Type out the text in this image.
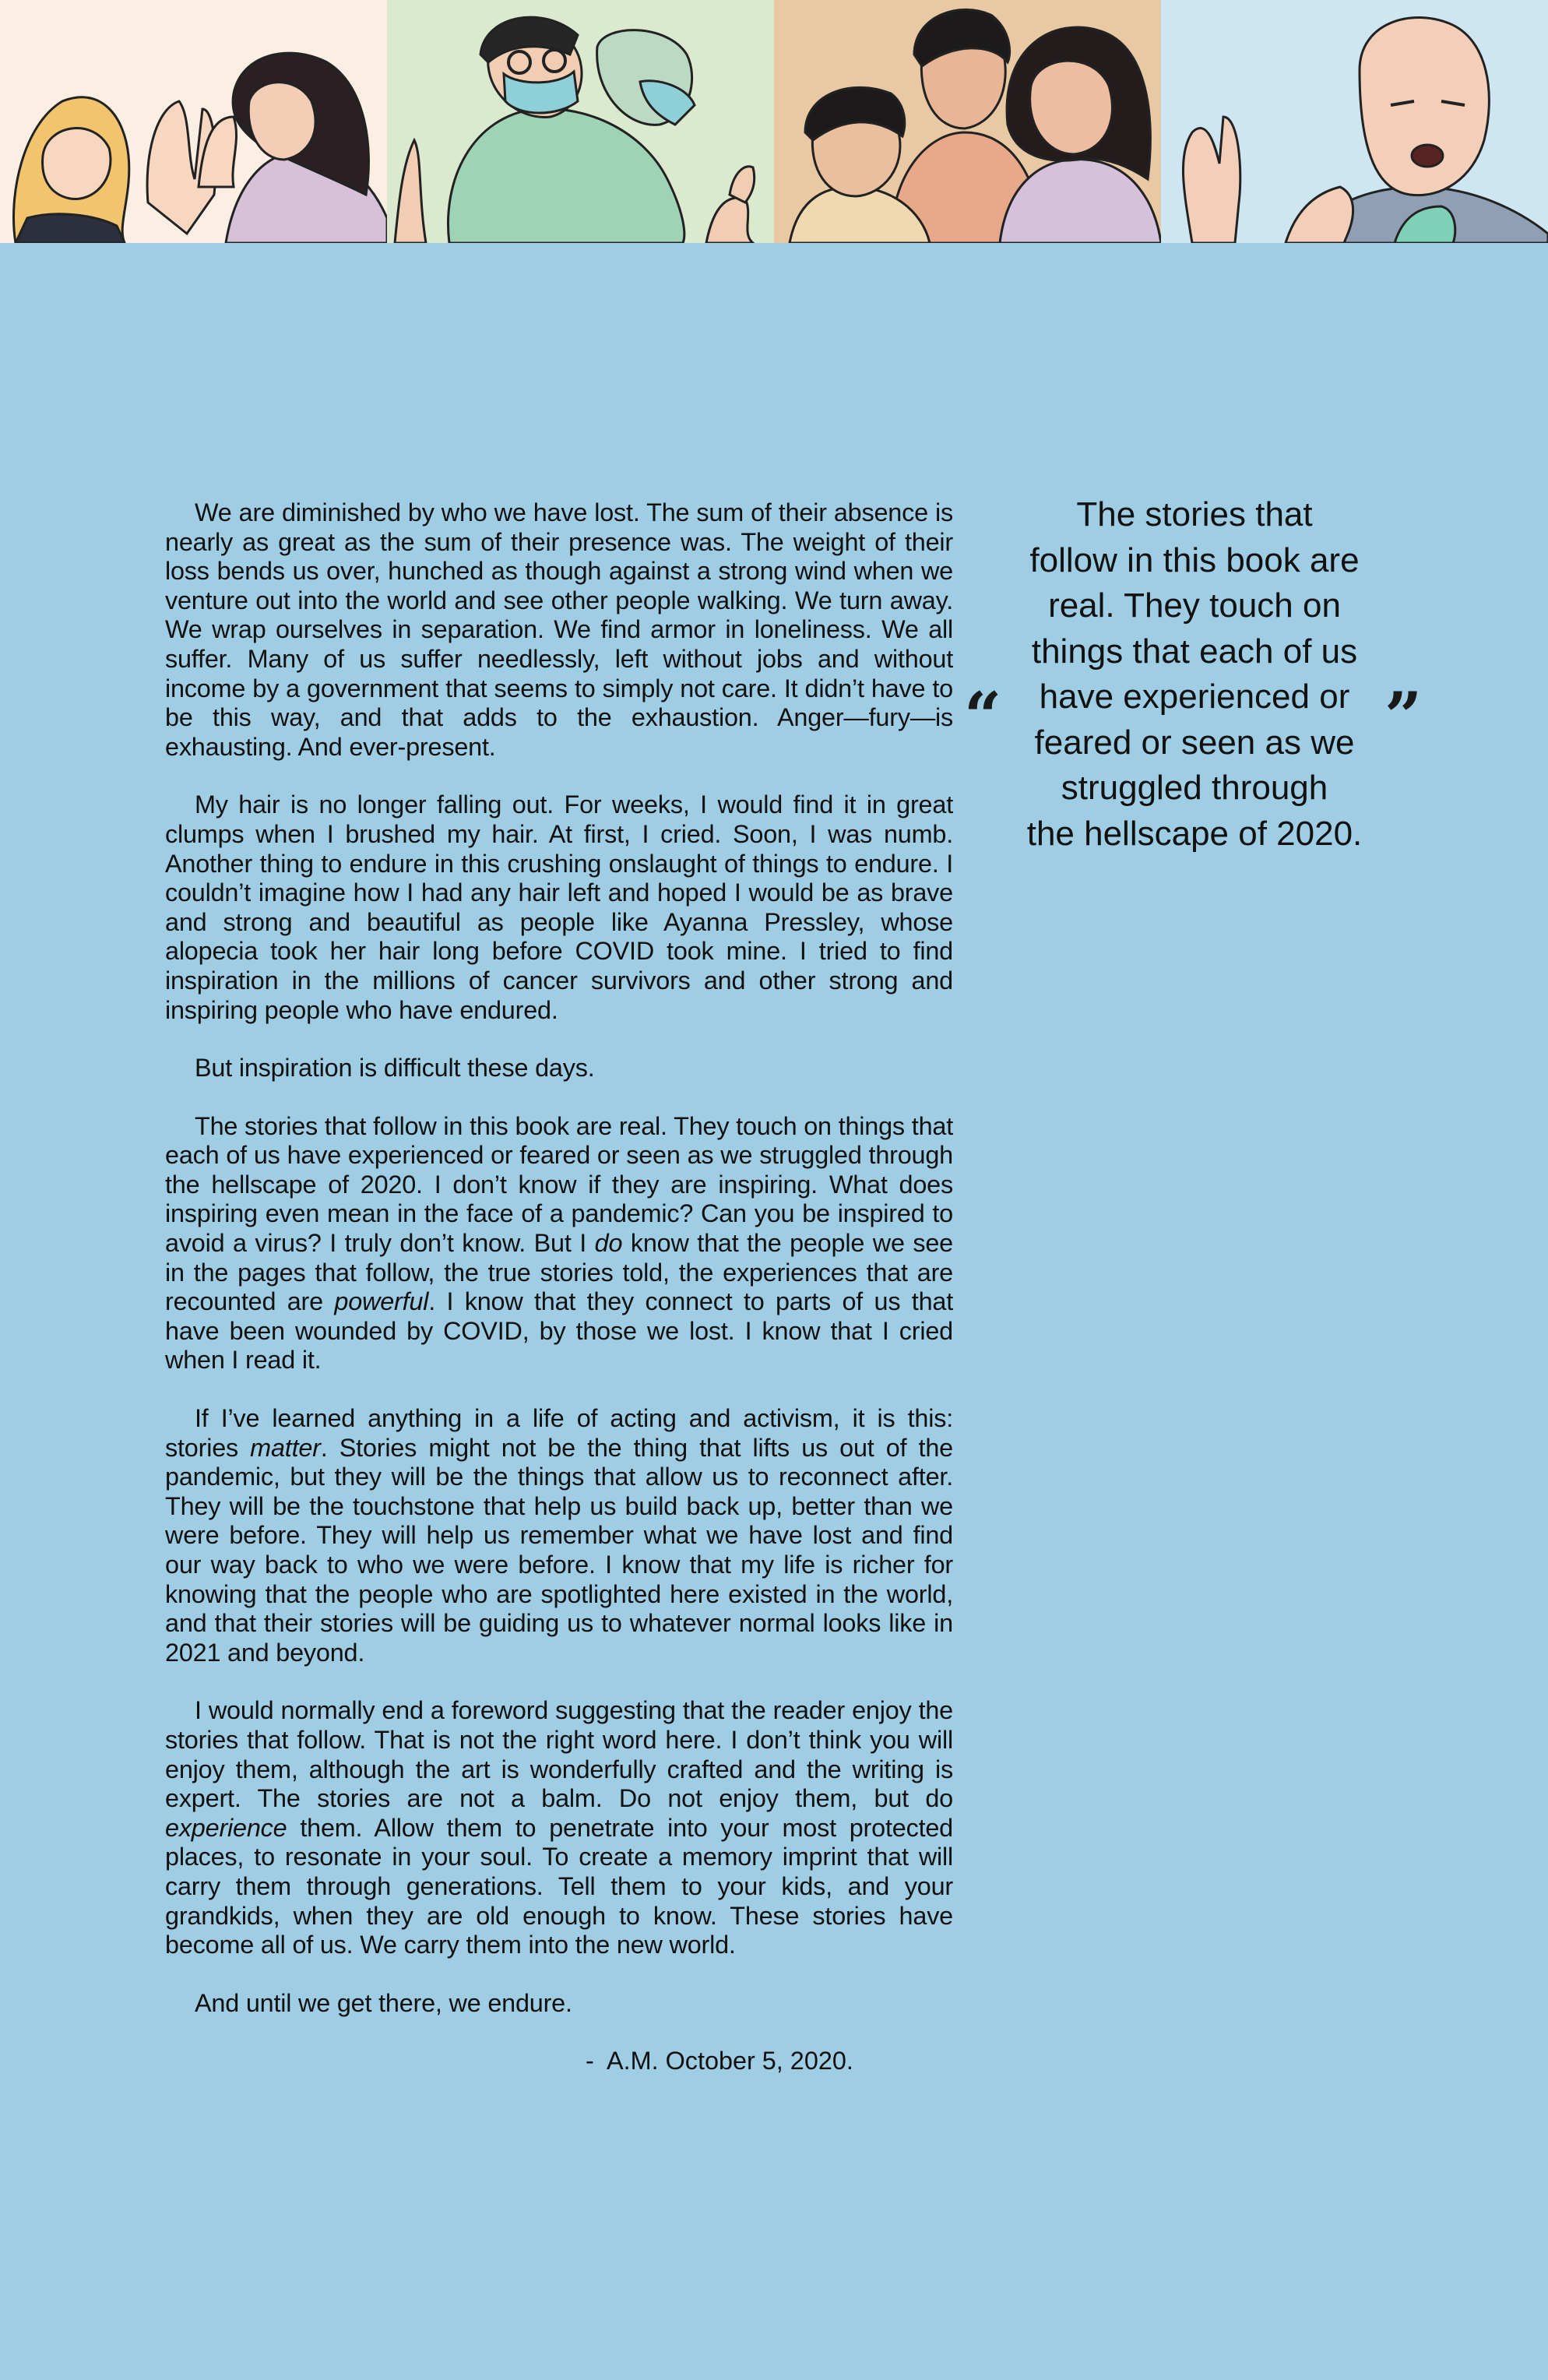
We are diminished by who we have lost. The sum of their absence is nearly as great as the sum of their presence was. The weight of their loss bends us over, hunched as though against a strong wind when we venture out into the world and see other people walking. We turn away. We wrap ourselves in separation. We find armor in loneliness. We all suffer. Many of us suffer needlessly, left without jobs and without income by a government that seems to simply not care. It didn’t have to be this way, and that adds to the exhaustion. Anger—fury—is exhausting. And ever-present.

My hair is no longer falling out. For weeks, I would find it in great clumps when I brushed my hair. At first, I cried. Soon, I was numb. Another thing to endure in this crushing onslaught of things to endure. I couldn’t imagine how I had any hair left and hoped I would be as brave and strong and beautiful as people like Ayanna Pressley, whose alopecia took her hair long before COVID took mine. I tried to find inspiration in the millions of cancer survivors and other strong and inspiring people who have endured.

But inspiration is difficult these days.

The stories that follow in this book are real. They touch on things that each of us have experienced or feared or seen as we struggled through the hellscape of 2020. I don’t know if they are inspiring. What does inspiring even mean in the face of a pandemic? Can you be inspired to avoid a virus? I truly don’t know. But I do know that the people we see in the pages that follow, the true stories told, the experiences that are recounted are powerful. I know that they connect to parts of us that have been wounded by COVID, by those we lost. I know that I cried when I read it.

If I’ve learned anything in a life of acting and activism, it is this: stories matter. Stories might not be the thing that lifts us out of the pandemic, but they will be the things that allow us to reconnect after. They will be the touchstone that help us build back up, better than we were before. They will help us remember what we have lost and find our way back to who we were before. I know that my life is richer for knowing that the people who are spotlighted here existed in the world, and that their stories will be guiding us to whatever normal looks like in 2021 and beyond.

I would normally end a foreword suggesting that the reader enjoy the stories that follow. That is not the right word here. I don’t think you will enjoy them, although the art is wonderfully crafted and the writing is expert. The stories are not a balm. Do not enjoy them, but do experience them. Allow them to penetrate into your most protected places, to resonate in your soul. To create a memory imprint that will carry them through generations. Tell them to your kids, and your grandkids, when they are old enough to know. These stories have become all of us. We carry them into the new world.

And until we get there, we endure.

-  A.M. October 5, 2020.
“	”
The stories that
follow in this book are
real. They touch on
things that each of us
have experienced or
feared or seen as we
struggled through
the hellscape of 2020.
